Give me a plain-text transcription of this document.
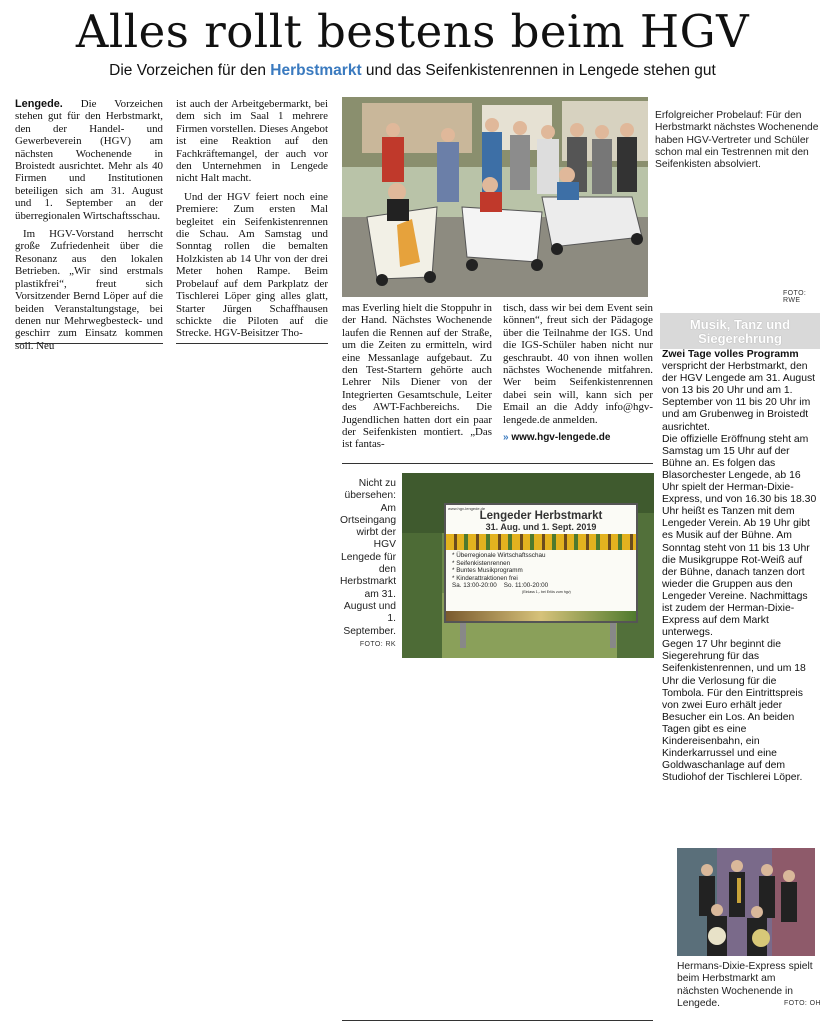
Alles rollt bestens beim HGV
Die Vorzeichen für den Herbstmarkt und das Seifenkistenrennen in Lengede stehen gut

Lengede. Die Vorzeichen stehen gut für den Herbstmarkt, den der Handel- und Gewerbeverein (HGV) am nächsten Wochenende in Broistedt ausrichtet. Mehr als 40 Firmen und Institutionen beteiligen sich am 31. August und 1. September an der überregionalen Wirtschaftsschau.

Im HGV-Vorstand herrscht große Zufriedenheit über die Resonanz aus den lokalen Betrieben. „Wir sind erstmals plastikfrei“, freut sich Vorsitzender Bernd Löper auf die beiden Veranstaltungstage, bei denen nur Mehrwegbesteck- und geschirr zum Einsatz kommen soll. Neu

ist auch der Arbeitgebermarkt, bei dem sich im Saal 1 mehrere Firmen vorstellen. Dieses Angebot ist eine Reaktion auf den Fachkräftemangel, der auch vor den Unternehmen in Lengede nicht Halt macht.

Und der HGV feiert noch eine Premiere: Zum ersten Mal begleitet ein Seifenkistenrennen die Schau. Am Samstag und Sonntag rollen die bemalten Holzkisten ab 14 Uhr von der drei Meter hohen Rampe. Beim Probelauf auf dem Parkplatz der Tischlerei Löper ging alles glatt, Starter Jürgen Schaffhausen schickte die Piloten auf die Strecke. HGV-Beisitzer Tho-

Erfolgreicher Probelauf: Für den Herbstmarkt nächstes Wochenende haben HGV-Vertreter und Schüler schon mal ein Testrennen mit den Seifenkisten absolviert.
FOTO: RWE

mas Everling hielt die Stoppuhr in der Hand. Nächstes Wochenende laufen die Rennen auf der Straße, um die Zeiten zu ermitteln, wird eine Messanlage aufgebaut. Zu den Test-Startern gehörte auch Lehrer Nils Diener von der Integrierten Gesamtschule, Leiter des AWT-Fachbereichs. Die Jugendlichen hatten dort ein paar der Seifenkisten montiert. „Das ist fantas-

tisch, dass wir bei dem Event sein können“, freut sich der Pädagoge über die Teilnahme der IGS. Und die IGS-Schüler haben nicht nur geschraubt. 40 von ihnen wollen nächstes Wochenende mitfahren. Wer beim Seifenkistenrennen dabei sein will, kann sich per Email an die Addy info@hgv-lengede.de anmelden.

» www.hgv-lengede.de
Nicht zu übersehen: Am Ortseingang wirbt der HGV Lengede für den Herbstmarkt am 31. August und 1. September. FOTO: RK
www.hgv-lengede.de
Lengeder Herbstmarkt
31. Aug. und 1. Sept. 2019
* Überregionale Wirtschaftsschau
* Seifenkistenrennen
* Buntes Musikprogramm
* Kinderattraktionen frei
Sa. 13:00-20:00    So. 11:00-20:00
(Einlass 1,- bei Erlös zum hgv)
Musik, Tanz und Siegerehrung

Zwei Tage volles Programm

verspricht der Herbstmarkt, den der HGV Lengede am 31. August von 13 bis 20 Uhr und am 1. September von 11 bis 20 Uhr im und am Grubenweg in Broistedt ausrichtet.

Die offizielle Eröffnung steht am Samstag um 15 Uhr auf der Bühne an. Es folgen das Blasorchester Lengede, ab 16 Uhr spielt der Herman-Dixie-Express, und von 16.30 bis 18.30 Uhr heißt es Tanzen mit dem Lengeder Verein. Ab 19 Uhr gibt es Musik auf der Bühne. Am Sonntag steht von 11 bis 13 Uhr die Musikgruppe Rot-Weiß auf der Bühne, danach tanzen dort wieder die Gruppen aus den Lengeder Vereine. Nachmittags ist zudem der Herman-Dixie-Express auf dem Markt unterwegs.

Gegen 17 Uhr beginnt die Siegerehrung für das Seifenkistenrennen, und um 18 Uhr die Verlosung für die Tombola. Für den Eintrittspreis von zwei Euro erhält jeder Besucher ein Los. An beiden Tagen gibt es eine Kindereisenbahn, ein Kinderkarrussel und eine Goldwaschanlage auf dem Studiohof der Tischlerei Löper.

Hermans-Dixie-Express spielt beim Herbstmarkt am nächsten Wochenende in Lengede.	FOTO: OH
